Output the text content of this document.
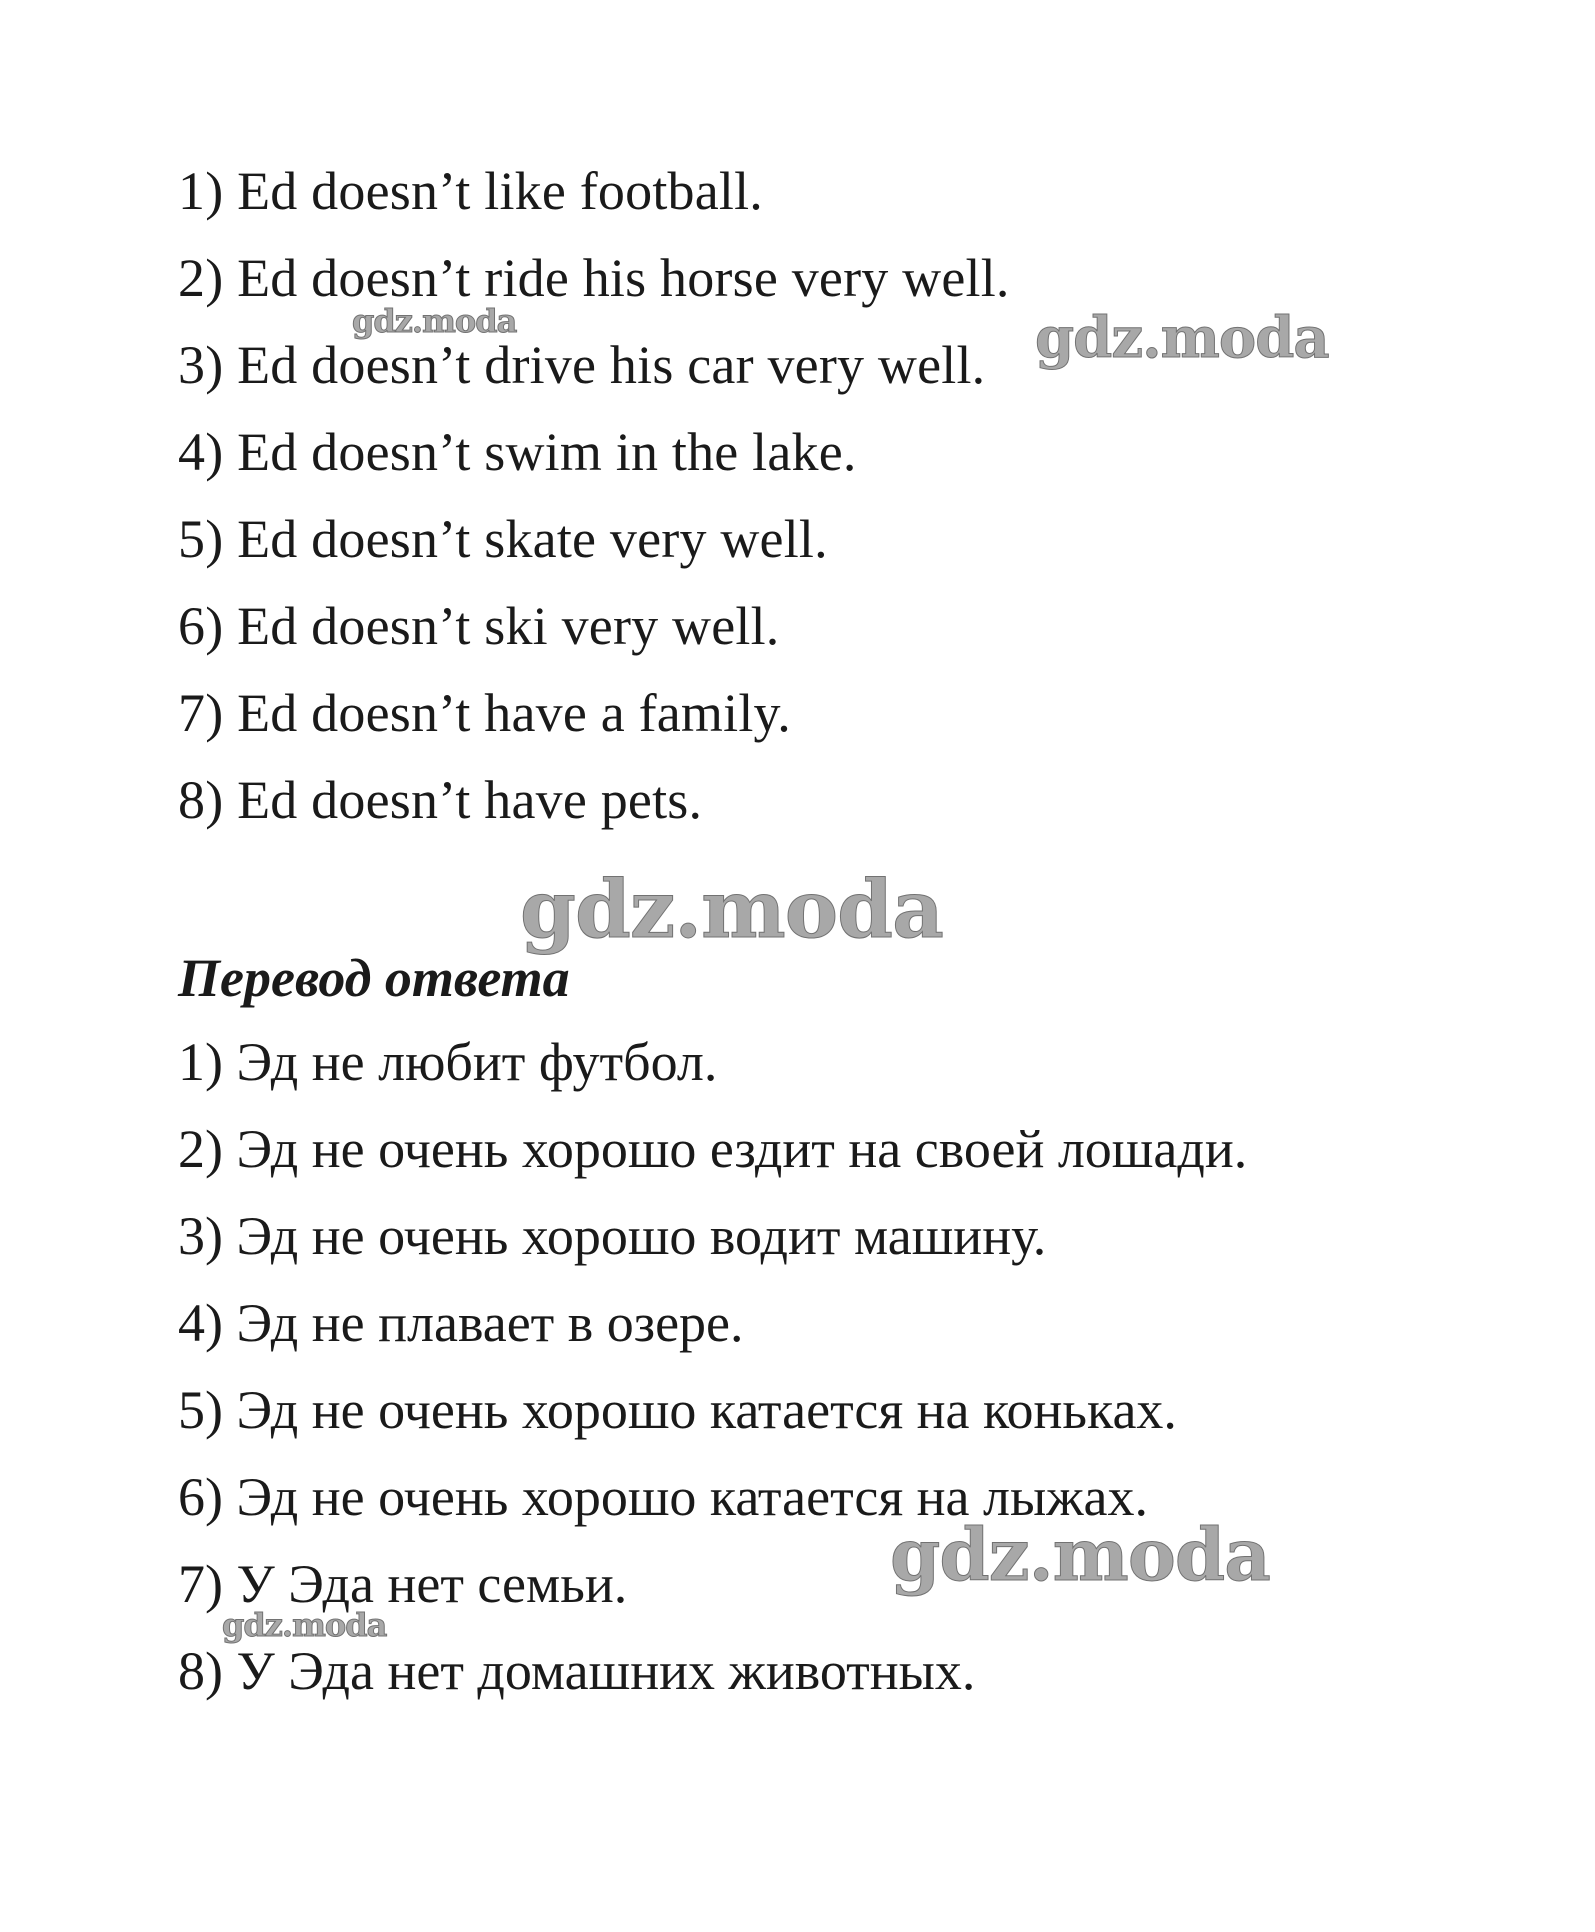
1) Ed doesn’t like football.
2) Ed doesn’t ride his horse very well.
3) Ed doesn’t drive his car very well.
4) Ed doesn’t swim in the lake.
5) Ed doesn’t skate very well.
6) Ed doesn’t ski very well.
7) Ed doesn’t have a family.
8) Ed doesn’t have pets.
Перевод ответа
1) Эд не любит футбол.
2) Эд не очень хорошо ездит на своей лошади.
3) Эд не очень хорошо водит машину.
4) Эд не плавает в озере.
5) Эд не очень хорошо катается на коньках.
6) Эд не очень хорошо катается на лыжах.
7) У Эда нет семьи.
8) У Эда нет домашних животных.
gdz.moda	gdz.moda
gdz.moda
gdz.moda
gdz.moda
